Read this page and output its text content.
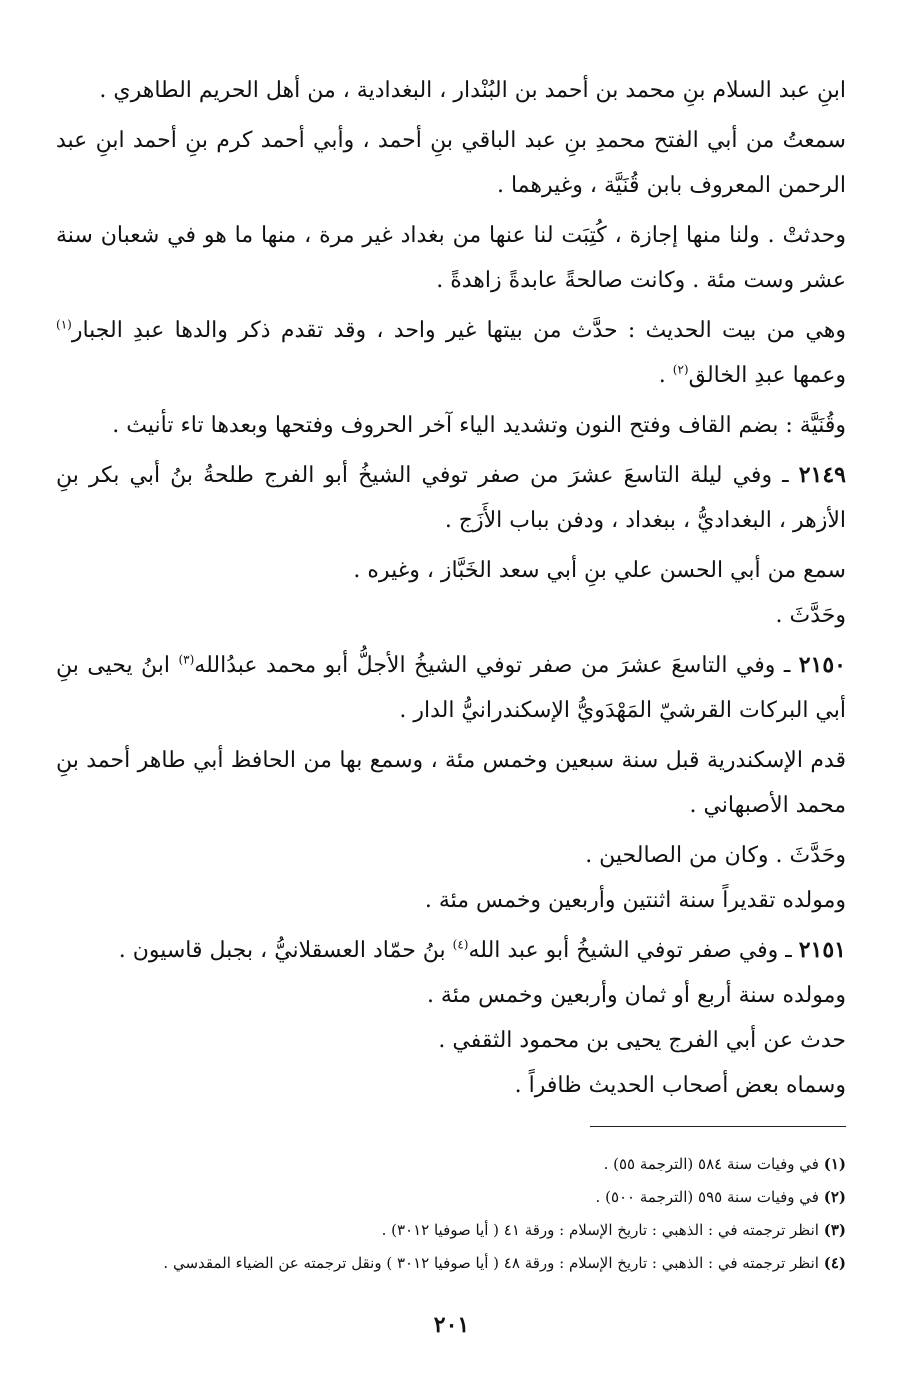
ابنِ عبد السلام بنِ محمد بن أحمد بن البُنْدار ، البغدادية ، من أهل الحريم الطاهري .

سمعتُ من أبي الفتح محمدِ بنِ عبد الباقي بنِ أحمد ، وأبي أحمد كرم بنِ أحمد ابنِ عبد الرحمن المعروف بابن قُنَيَّة ، وغيرهما .

وحدثتْ . ولنا منها إجازة ، كُتِبَت لنا عنها من بغداد غير مرة ، منها ما هو في شعبان سنة عشر وست مئة . وكانت صالحةً عابدةً زاهدةً .

وهي من بيت الحديث : حدَّث من بيتها غير واحد ، وقد تقدم ذكر والدها عبدِ الجبار$^{(١)}$ وعمها عبدِ الخالق$^{(٢)}$ .

وقُنَيَّة : بضم القاف وفتح النون وتشديد الياء آخر الحروف وفتحها وبعدها تاء تأنيث .

٢١٤٩ ـ وفي ليلة التاسعَ عشرَ من صفر توفي الشيخُ أبو الفرج طلحةُ بنُ أبي بكر بنِ الأزهر ، البغداديُّ ، ببغداد ، ودفن بباب الأَزَج .

سمع من أبي الحسن علي بنِ أبي سعد الخَبَّاز ، وغيره .

وحَدَّثَ .

٢١٥٠ ـ وفي التاسعَ عشرَ من صفر توفي الشيخُ الأجلُّ أبو محمد عبدُالله$^{(٣)}$ ابنُ يحيى بنِ أبي البركات القرشيّ المَهْدَويُّ الإسكندرانيُّ الدار .

قدم الإسكندرية قبل سنة سبعين وخمس مئة ، وسمع بها من الحافظ أبي طاهر أحمد بنِ محمد الأصبهاني .

وحَدَّثَ . وكان من الصالحين .

ومولده تقديراً سنة اثنتين وأربعين وخمس مئة .

٢١٥١ ـ وفي صفر توفي الشيخُ أبو عبد الله$^{(٤)}$ بنُ حمّاد العسقلانيُّ ، بجبل قاسيون .

ومولده سنة أربع أو ثمان وأربعين وخمس مئة .

حدث عن أبي الفرج يحيى بن محمود الثقفي .

وسماه بعض أصحاب الحديث ظافراً .

(١) في وفيات سنة ٥٨٤ (الترجمة ٥٥) .
(٢) في وفيات سنة ٥٩٥ (الترجمة ٥٠٠) .
(٣) انظر ترجمته في : الذهبي : تاريخ الإسلام : ورقة ٤١ ( أيا صوفيا ٣٠١٢) .
(٤) انظر ترجمته في : الذهبي : تاريخ الإسلام : ورقة ٤٨ ( أيا صوفيا ٣٠١٢ ) ونقل ترجمته عن الضياء المقدسي .
٢٠١
